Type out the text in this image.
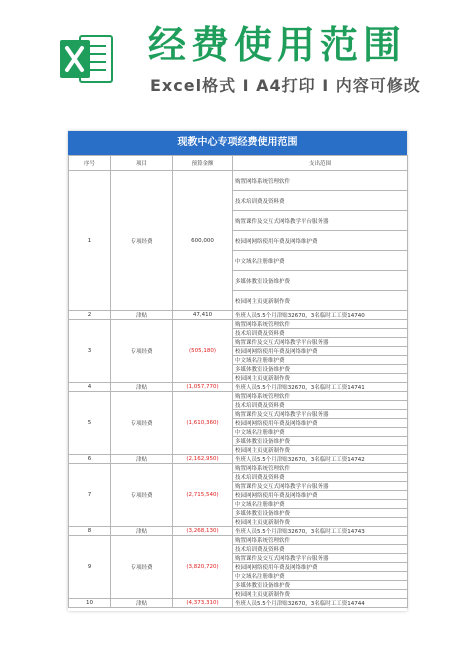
经费使用范围
Excel格式 I A4打印 I 内容可修改
现教中心专项经费使用范围
序号	项目	预算金额	支出范围
1	专项经费	600,000	购置网络系统管理软件
			技术培训费及资料费
			购置课件及交互式网络教学平台服务器
			校园网网络使用年费及网络维护费
			中文域名注册维护费
			多媒体教室设备维护费
			校园网主页更新制作费
2	津贴	47,410	坐班人员5.5个月津贴32670，3名临时工工资14740
3	专项经费	(505,180)	购置网络系统管理软件
			技术培训费及资料费
			购置课件及交互式网络教学平台服务器
			校园网网络使用年费及网络维护费
			中文域名注册维护费
			多媒体教室设备维护费
			校园网主页更新制作费
4	津贴	(1,057,770)	坐班人员5.5个月津贴32670，3名临时工工资14741
5	专项经费	(1,610,360)	购置网络系统管理软件
			技术培训费及资料费
			购置课件及交互式网络教学平台服务器
			校园网网络使用年费及网络维护费
			中文域名注册维护费
			多媒体教室设备维护费
			校园网主页更新制作费
6	津贴	(2,162,950)	坐班人员5.5个月津贴32670，3名临时工工资14742
7	专项经费	(2,715,540)	购置网络系统管理软件
			技术培训费及资料费
			购置课件及交互式网络教学平台服务器
			校园网网络使用年费及网络维护费
			中文域名注册维护费
			多媒体教室设备维护费
			校园网主页更新制作费
8	津贴	(3,268,130)	坐班人员5.5个月津贴32670，3名临时工工资14743
9	专项经费	(3,820,720)	购置网络系统管理软件
			技术培训费及资料费
			购置课件及交互式网络教学平台服务器
			校园网网络使用年费及网络维护费
			中文域名注册维护费
			多媒体教室设备维护费
			校园网主页更新制作费
10	津贴	(4,373,310)	坐班人员5.5个月津贴32670，3名临时工工资14744
